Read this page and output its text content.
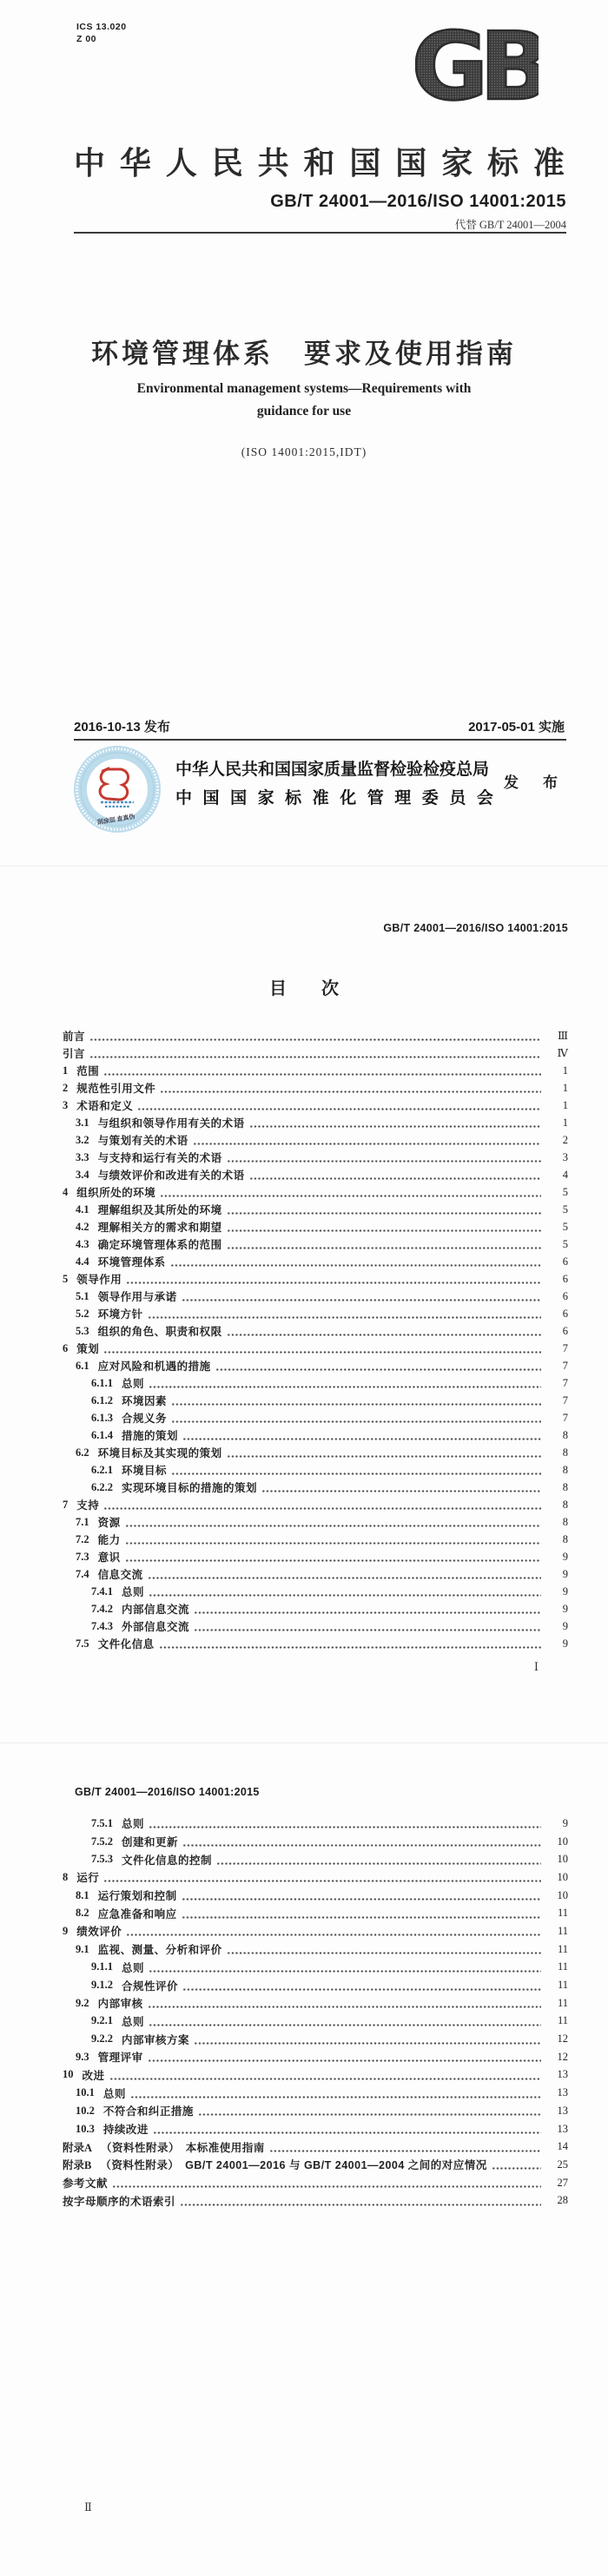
ICS 13.020
Z 00	GB
中 华 人 民 共 和 国 国 家 标 准
GB/T 24001—2016/ISO 14001:2015
代替 GB/T 24001—2004
环境管理体系　要求及使用指南
Environmental management systems—Requirements with
guidance for use
(ISO 14001:2015,IDT)
2016-10-13 发布	2017-05-01 实施
刮涂层 查真伪
中华人民共和国国家质量监督检验检疫总局
中 国 国 家 标 准 化 管 理 委 员 会
发 布
GB/T 24001—2016/ISO 14001:2015
目　　次
前言	Ⅲ
引言	Ⅳ
1 范围	1
2 规范性引用文件	1
3 术语和定义	1
3.1 与组织和领导作用有关的术语	1
3.2 与策划有关的术语	2
3.3 与支持和运行有关的术语	3
3.4 与绩效评价和改进有关的术语	4
4 组织所处的环境	5
4.1 理解组织及其所处的环境	5
4.2 理解相关方的需求和期望	5
4.3 确定环境管理体系的范围	5
4.4 环境管理体系	6
5 领导作用	6
5.1 领导作用与承诺	6
5.2 环境方针	6
5.3 组织的角色、职责和权限	6
6 策划	7
6.1 应对风险和机遇的措施	7
6.1.1 总则	7
6.1.2 环境因素	7
6.1.3 合规义务	7
6.1.4 措施的策划	8
6.2 环境目标及其实现的策划	8
6.2.1 环境目标	8
6.2.2 实现环境目标的措施的策划	8
7 支持	8
7.1 资源	8
7.2 能力	8
7.3 意识	9
7.4 信息交流	9
7.4.1 总则	9
7.4.2 内部信息交流	9
7.4.3 外部信息交流	9
7.5 文件化信息	9
Ⅰ
GB/T 24001—2016/ISO 14001:2015
7.5.1 总则	9
7.5.2 创建和更新	10
7.5.3 文件化信息的控制	10
8 运行	10
8.1 运行策划和控制	10
8.2 应急准备和响应	11
9 绩效评价	11
9.1 监视、测量、分析和评价	11
9.1.1 总则	11
9.1.2 合规性评价	11
9.2 内部审核	11
9.2.1 总则	11
9.2.2 内部审核方案	12
9.3 管理评审	12
10 改进	13
10.1 总则	13
10.2 不符合和纠正措施	13
10.3 持续改进	13
附录A （资料性附录）　本标准使用指南	14
附录B （资料性附录）　GB/T 24001—2016 与 GB/T 24001—2004 之间的对应情况	25
参考文献	27
按字母顺序的术语索引	28
Ⅱ
